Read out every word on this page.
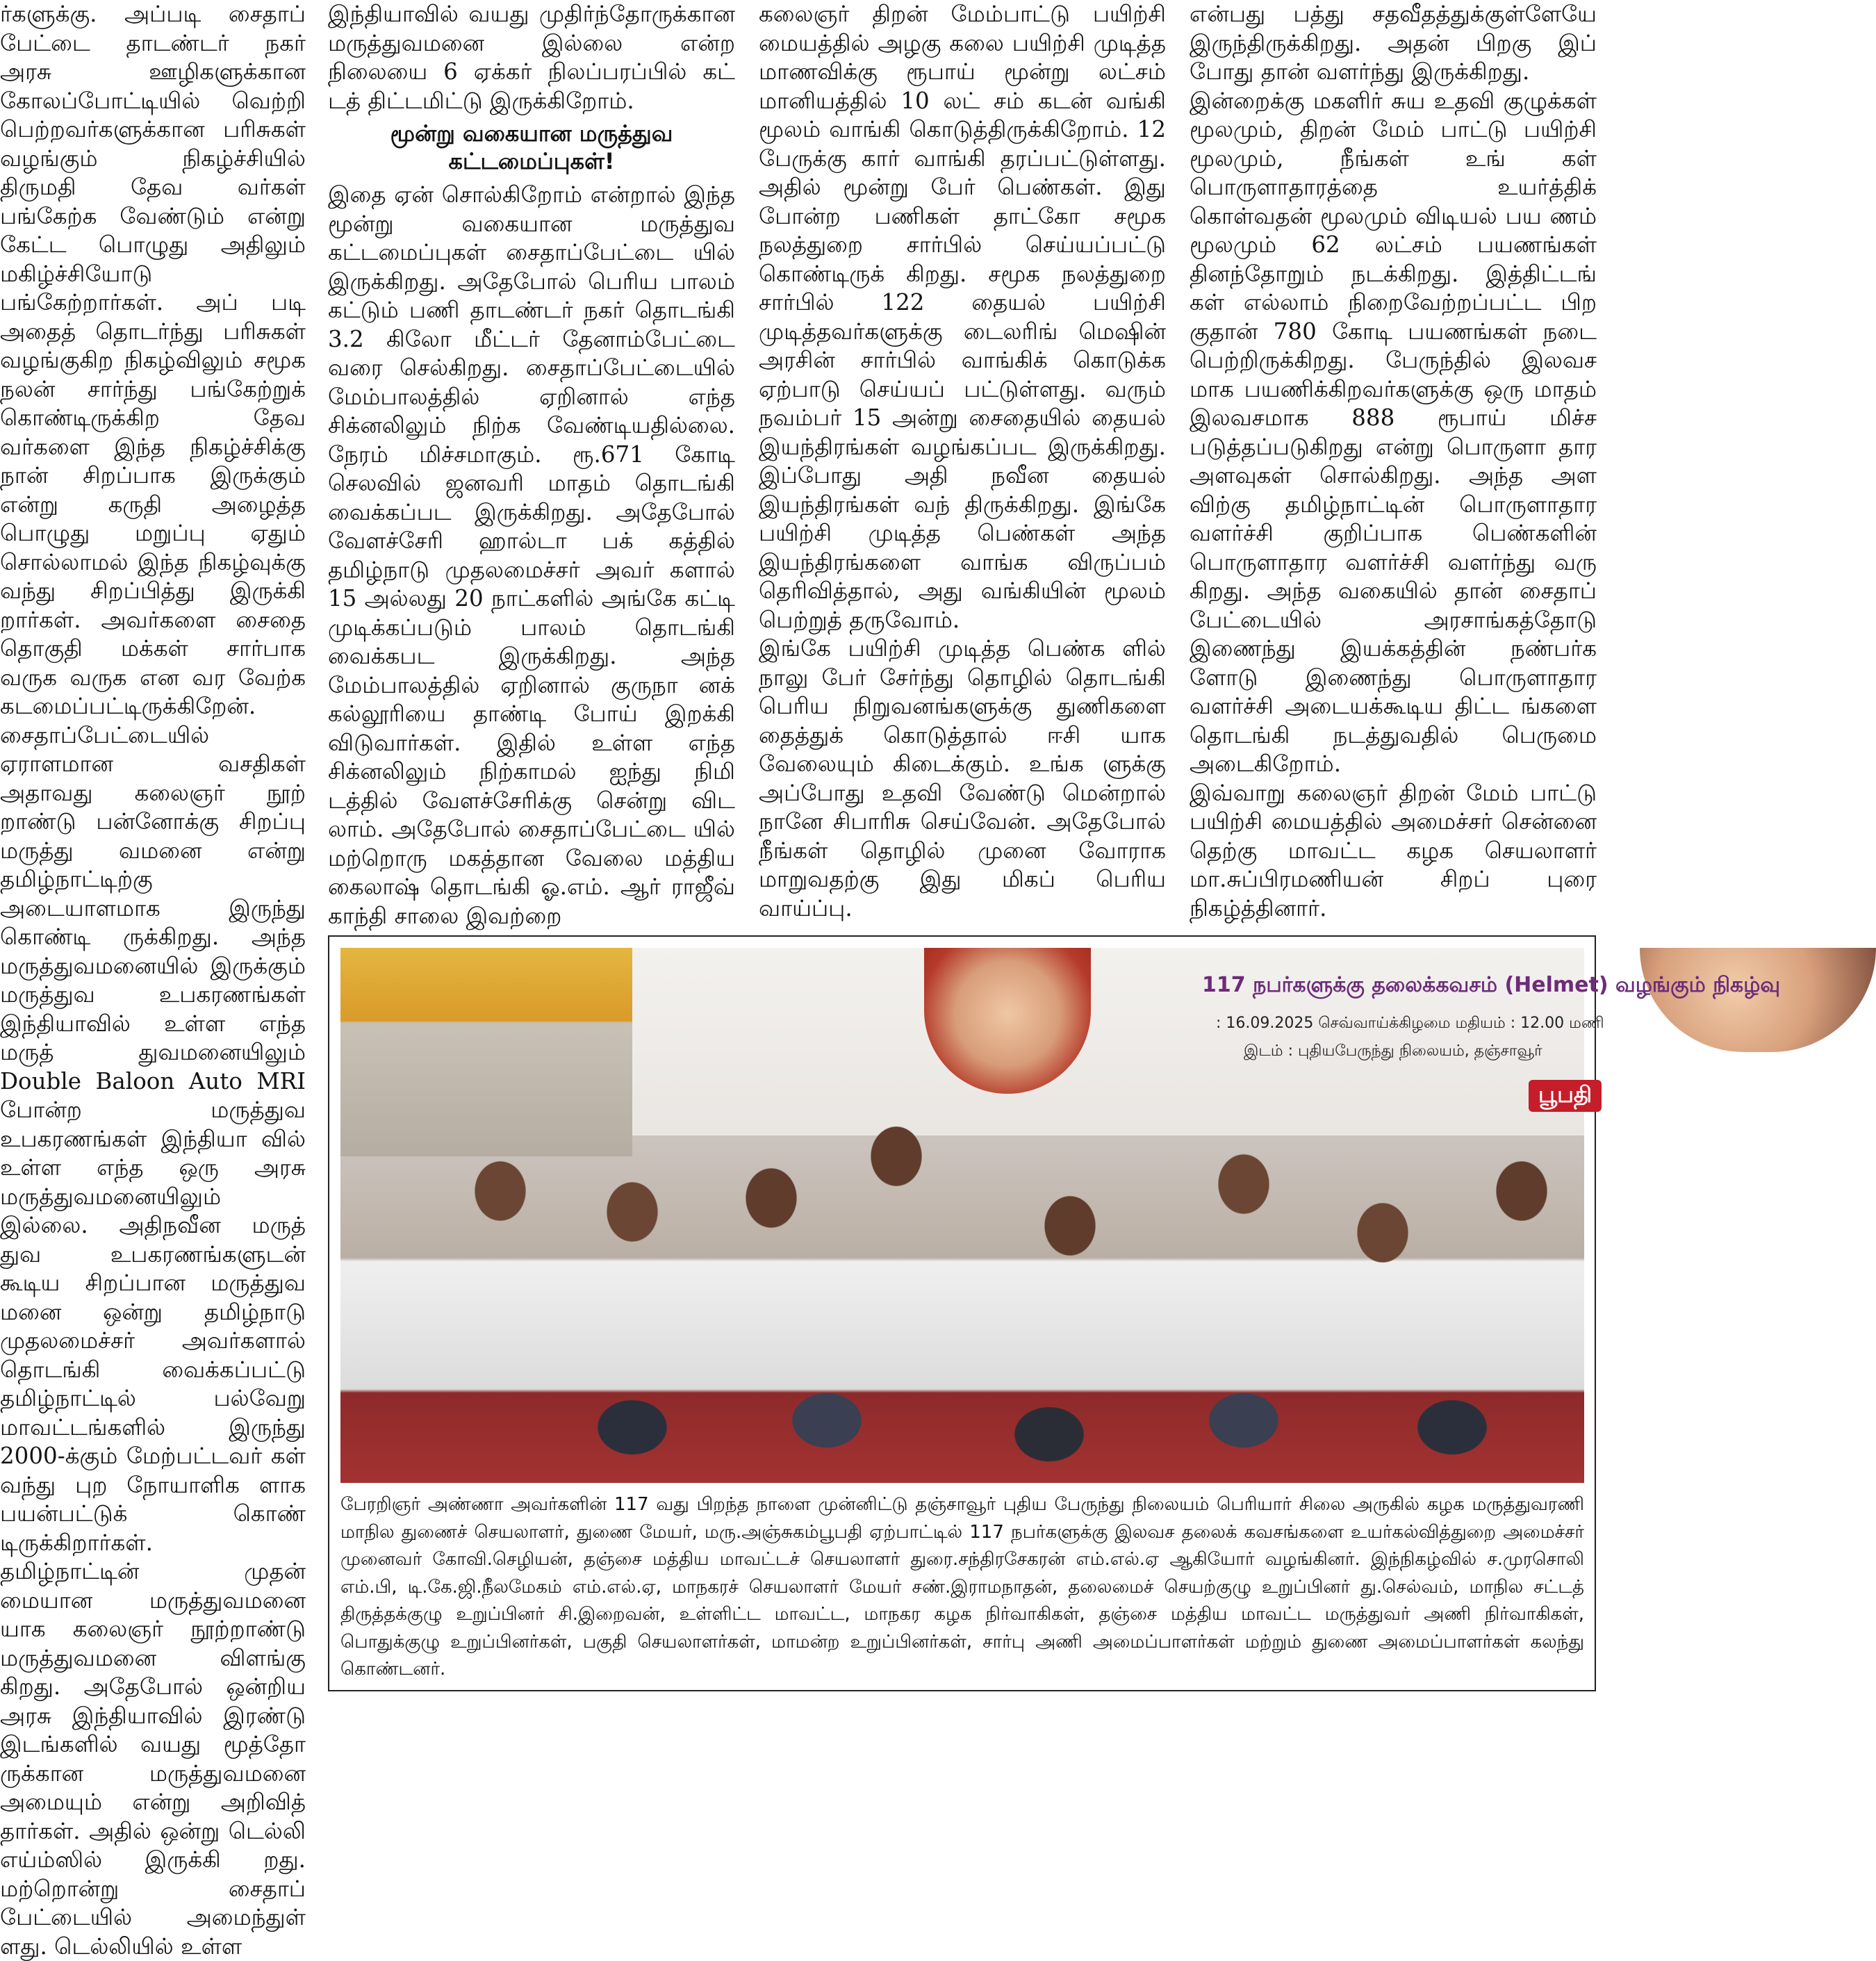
ர்களுக்கு. அப்படி சைதாப் பேட்டை தாடண்டர் நகர் அரசு ஊழிகளுக்கான கோலப்போட்டியில் வெற்றி பெற்றவர்களுக்கான பரிசுகள் வழங்கும் நிகழ்ச்சியில் திருமதி தேவ வர்கள் பங்கேற்க வேண்டும் என்று கேட்ட பொழுது அதிலும் மகிழ்ச்சியோடு பங்கேற்றார்கள். அப் படி அதைத் தொடர்ந்து பரிசுகள் வழங்குகிற நிகழ்விலும் சமூக நலன் சார்ந்து பங்கேற்றுக் கொண்டிருக்கிற தேவ வர்களை இந்த நிகழ்ச்சிக்கு நான் சிறப்பாக இருக்கும் என்று கருதி அழைத்த பொழுது மறுப்பு ஏதும் சொல்லாமல் இந்த நிகழ்வுக்கு வந்து சிறப்பித்து இருக்கி றார்கள். அவர்களை சைதை தொகுதி மக்கள் சார்பாக வருக வருக என வர வேற்க கடமைப்பட்டிருக்கிறேன்.

சைதாப்பேட்டையில் ஏராளமான வசதிகள் அதாவது கலைஞர் நூற் றாண்டு பன்னோக்கு சிறப்பு மருத்து வமனை என்று தமிழ்நாட்டிற்கு அடையாளமாக இருந்து கொண்டி ருக்கிறது. அந்த மருத்துவமனையில் இருக்கும் மருத்துவ உபகரணங்கள் இந்தியாவில் உள்ள எந்த மருத் துவமனையிலும் Double Baloon Auto MRI போன்ற மருத்துவ உபகரணங்கள் இந்தியா வில் உள்ள எந்த ஒரு அரசு மருத்துவமனையிலும் இல்லை. அதிநவீன மருத் துவ உபகரணங்களுடன் கூடிய சிறப்பான மருத்துவ மனை ஒன்று தமிழ்நாடு முதலமைச்சர் அவர்களால் தொடங்கி வைக்கப்பட்டு தமிழ்நாட்டில் பல்வேறு மாவட்டங்களில் இருந்து 2000-க்கும் மேற்பட்டவர் கள் வந்து புற நோயாளிக ளாக பயன்பட்டுக் கொண் டிருக்கிறார்கள்.

தமிழ்நாட்டின் முதன் மையான மருத்துவமனை யாக கலைஞர் நூற்றாண்டு மருத்துவமனை விளங்கு கிறது. அதேபோல் ஒன்றிய அரசு இந்தியாவில் இரண்டு இடங்களில் வயது மூத்தோ ருக்கான மருத்துவமனை அமையும் என்று அறிவித் தார்கள். அதில் ஒன்று டெல்லி எய்ம்ஸில் இருக்கி றது. மற்றொன்று சைதாப் பேட்டையில் அமைந்துள் ளது. டெல்லியில் உள்ள

இந்தியாவில் வயது முதிர்ந்தோருக்கான மருத்துவமனை இல்லை என்ற நிலையை 6 ஏக்கர் நிலப்பரப்பில் கட் டத் திட்டமிட்டு இருக்கிறோம்.

மூன்று வகையான மருத்துவ கட்டமைப்புகள்!

இதை ஏன் சொல்கிறோம் என்றால் இந்த மூன்று வகையான மருத்துவ கட்டமைப்புகள் சைதாப்பேட்டை யில் இருக்கிறது. அதேபோல் பெரிய பாலம் கட்டும் பணி தாடண்டர் நகர் தொடங்கி 3.2 கிலோ மீட்டர் தேனாம்பேட்டை வரை செல்கிறது. சைதாப்பேட்டையில் மேம்பாலத்தில் ஏறினால் எந்த சிக்னலிலும் நிற்க வேண்டியதில்லை. நேரம் மிச்சமாகும். ரூ.671 கோடி செலவில் ஜனவரி மாதம் தொடங்கி வைக்கப்பட இருக்கிறது. அதேபோல் வேளச்சேரி ஹால்டா பக் கத்தில் தமிழ்நாடு முதலமைச்சர் அவர் களால் 15 அல்லது 20 நாட்களில் அங்கே கட்டி முடிக்கப்படும் பாலம் தொடங்கி வைக்கபட இருக்கிறது. அந்த மேம்பாலத்தில் ஏறினால் குருநா னக் கல்லூரியை தாண்டி போய் இறக்கி விடுவார்கள். இதில் உள்ள எந்த சிக்னலிலும் நிற்காமல் ஐந்து நிமி டத்தில் வேளச்சேரிக்கு சென்று விட லாம். அதேபோல் சைதாப்பேட்டை யில் மற்றொரு மகத்தான வேலை மத்திய கைலாஷ் தொடங்கி ஓ.எம். ஆர் ராஜீவ் காந்தி சாலை இவற்றை

கலைஞர் திறன் மேம்பாட்டு பயிற்சி மையத்தில் அழகு கலை பயிற்சி முடித்த மாணவிக்கு ரூபாய் மூன்று லட்சம் மானியத்தில் 10 லட் சம் கடன் வங்கி மூலம் வாங்கி கொடுத்திருக்கிறோம். 12 பேருக்கு கார் வாங்கி தரப்பட்டுள்ளது. அதில் மூன்று பேர் பெண்கள். இது போன்ற பணிகள் தாட்கோ சமூக நலத்துறை சார்பில் செய்யப்பட்டு கொண்டிருக் கிறது. சமூக நலத்துறை சார்பில் 122 தையல் பயிற்சி முடித்தவர்களுக்கு டைலரிங் மெஷின் அரசின் சார்பில் வாங்கிக் கொடுக்க ஏற்பாடு செய்யப் பட்டுள்ளது. வரும் நவம்பர் 15 அன்று சைதையில் தையல் இயந்திரங்கள் வழங்கப்பட இருக்கிறது. இப்போது அதி நவீன தையல் இயந்திரங்கள் வந் திருக்கிறது. இங்கே பயிற்சி முடித்த பெண்கள் அந்த இயந்திரங்களை வாங்க விருப்பம் தெரிவித்தால், அது வங்கியின் மூலம் பெற்றுத் தருவோம்.

இங்கே பயிற்சி முடித்த பெண்க ளில் நாலு பேர் சேர்ந்து தொழில் தொடங்கி பெரிய நிறுவனங்களுக்கு துணிகளை தைத்துக் கொடுத்தால் ஈசி யாக வேலையும் கிடைக்கும். உங்க ளுக்கு அப்போது உதவி வேண்டு மென்றால் நானே சிபாரிசு செய்வேன். அதேபோல் நீங்கள் தொழில் முனை வோராக மாறுவதற்கு இது மிகப் பெரிய வாய்ப்பு.

என்பது பத்து சதவீதத்துக்குள்ளேயே இருந்திருக்கிறது. அதன் பிறகு இப் போது தான் வளர்ந்து இருக்கிறது.

இன்றைக்கு மகளிர் சுய உதவி குழுக்கள் மூலமும், திறன் மேம் பாட்டு பயிற்சி மூலமும், நீங்கள் உங் கள் பொருளாதாரத்தை உயர்த்திக் கொள்வதன் மூலமும் விடியல் பய ணம் மூலமும் 62 லட்சம் பயணங்கள் தினந்தோறும் நடக்கிறது. இத்திட்டங் கள் எல்லாம் நிறைவேற்றப்பட்ட பிற குதான் 780 கோடி பயணங்கள் நடை பெற்றிருக்கிறது. பேருந்தில் இலவச மாக பயணிக்கிறவர்களுக்கு ஒரு மாதம் இலவசமாக 888 ரூபாய் மிச்ச படுத்தப்படுகிறது என்று பொருளா தார அளவுகள் சொல்கிறது. அந்த அள விற்கு தமிழ்நாட்டின் பொருளாதார வளர்ச்சி குறிப்பாக பெண்களின் பொருளாதார வளர்ச்சி வளர்ந்து வரு கிறது. அந்த வகையில் தான் சைதாப் பேட்டையில் அரசாங்கத்தோடு இணைந்து இயக்கத்தின் நண்பர்க ளோடு இணைந்து பொருளாதார வளர்ச்சி அடையக்கூடிய திட்ட ங்களை தொடங்கி நடத்துவதில் பெருமை அடைகிறோம்.

இவ்வாறு கலைஞர் திறன் மேம் பாட்டு பயிற்சி மையத்தில் அமைச்சர் சென்னை தெற்கு மாவட்ட கழக செயலாளர் மா.சுப்பிரமணியன் சிறப் புரை நிகழ்த்தினார்.

117 நபர்களுக்கு தலைக்கவசம் (Helmet) வழங்கும் நிகழ்வு
: 16.09.2025 செவ்வாய்க்கிழமை மதியம் : 12.00 மணி
இடம் : புதியபேருந்து நிலையம், தஞ்சாவூர்
பூபதி
பேரறிஞர் அண்ணா அவர்களின் 117 வது பிறந்த நாளை முன்னிட்டு தஞ்சாவூர் புதிய பேருந்து நிலையம் பெரியார் சிலை அருகில் கழக மருத்துவரணி மாநில துணைச் செயலாளர், துணை மேயர், மரு.அஞ்சுகம்பூபதி ஏற்பாட்டில் 117 நபர்களுக்கு இலவச தலைக் கவசங்களை உயர்கல்வித்துறை அமைச்சர் முனைவர் கோவி.செழியன், தஞ்சை மத்திய மாவட்டச் செயலாளர் துரை.சந்திரசேகரன் எம்.எல்.ஏ ஆகியோர் வழங்கினர். இந்நிகழ்வில் ச.முரசொலி எம்.பி, டி.கே.ஜி.நீலமேகம் எம்.எல்.ஏ, மாநகரச் செயலாளர் மேயர் சண்.இராமநாதன், தலைமைச் செயற்குழு உறுப்பினர் து.செல்வம், மாநில சட்டத் திருத்தக்குழு உறுப்பினர் சி.இறைவன், உள்ளிட்ட மாவட்ட, மாநகர கழக நிர்வாகிகள், தஞ்சை மத்திய மாவட்ட மருத்துவர் அணி நிர்வாகிகள், பொதுக்குழு உறுப்பினர்கள், பகுதி செயலாளர்கள், மாமன்ற உறுப்பினர்கள், சார்பு அணி அமைப்பாளர்கள் மற்றும் துணை அமைப்பாளர்கள் கலந்து கொண்டனர்.
